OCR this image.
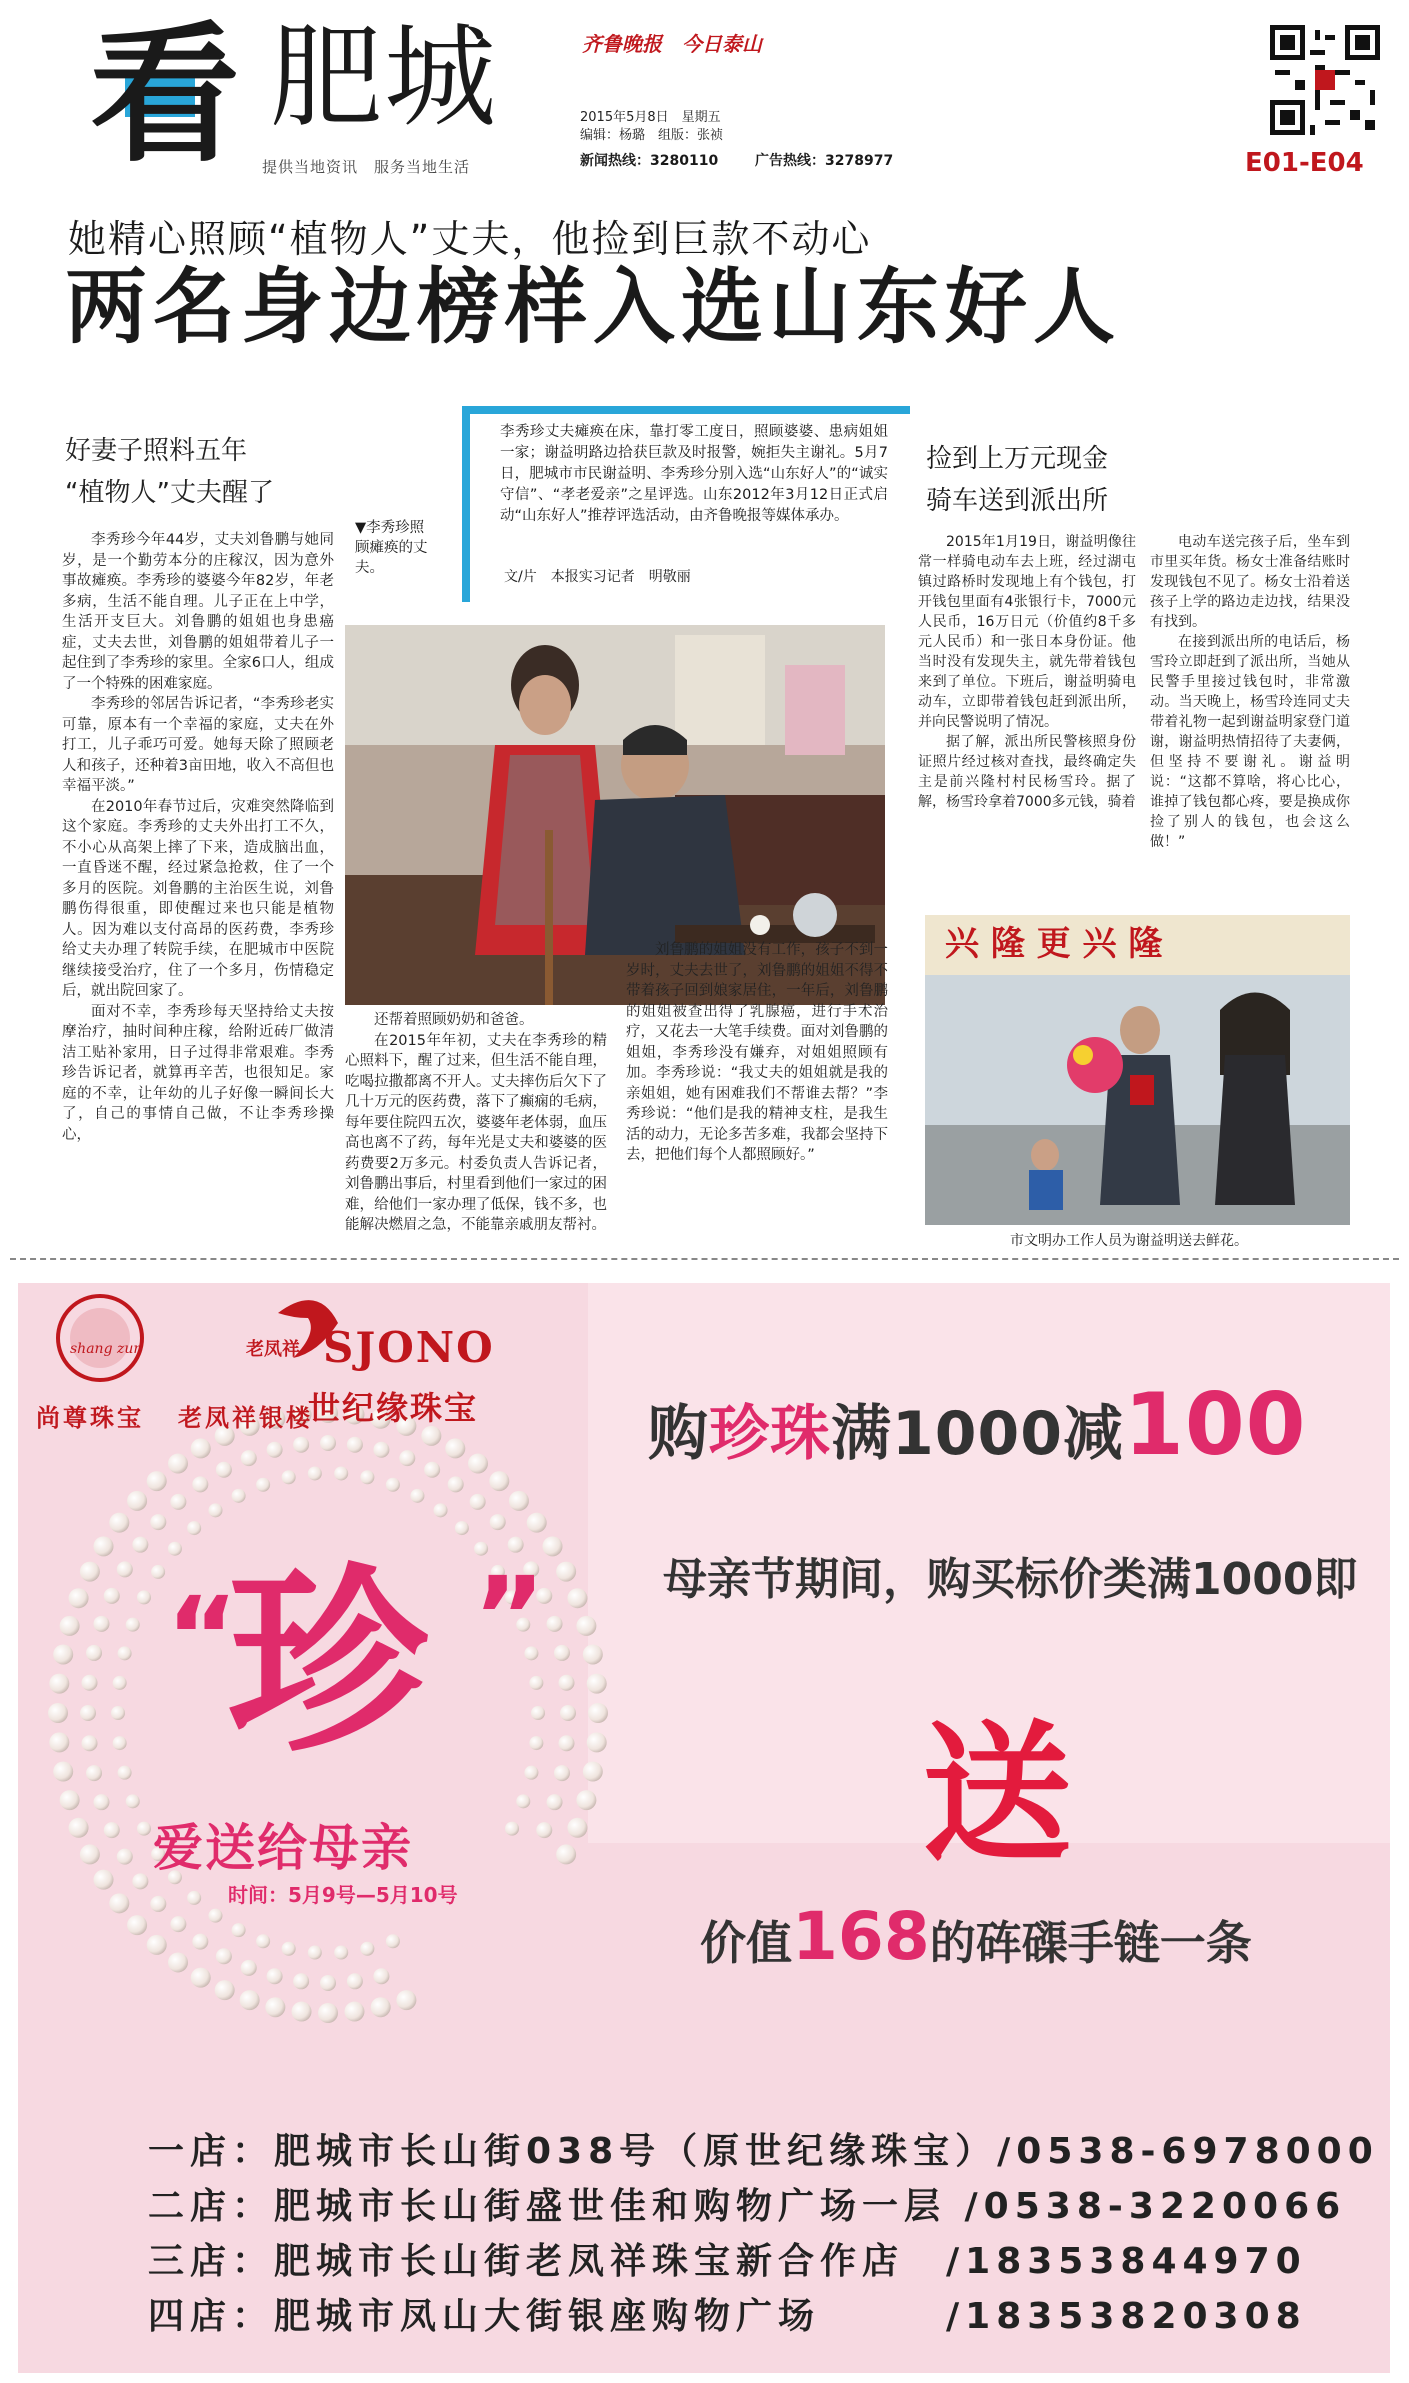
看 肥城
提供当地资讯　服务当地生活
齐鲁晚报　今日泰山
2015年5月8日　星期五
编辑：杨璐　组版：张祯
新闻热线：3280110	广告热线：3278977	E01-E04
她精心照顾“植物人”丈夫，他捡到巨款不动心
两名身边榜样入选山东好人
好妻子照料五年
“植物人”丈夫醒了

李秀珍今年44岁，丈夫刘鲁鹏与她同岁，是一个勤劳本分的庄稼汉，因为意外事故瘫痪。李秀珍的婆婆今年82岁，年老多病，生活不能自理。儿子正在上中学，生活开支巨大。刘鲁鹏的姐姐也身患癌症，丈夫去世，刘鲁鹏的姐姐带着儿子一起住到了李秀珍的家里。全家6口人，组成了一个特殊的困难家庭。

李秀珍的邻居告诉记者，“李秀珍老实可靠，原本有一个幸福的家庭，丈夫在外打工，儿子乖巧可爱。她每天除了照顾老人和孩子，还种着3亩田地，收入不高但也幸福平淡。”

在2010年春节过后，灾难突然降临到这个家庭。李秀珍的丈夫外出打工不久，不小心从高架上摔了下来，造成脑出血，一直昏迷不醒，经过紧急抢救，住了一个多月的医院。刘鲁鹏的主治医生说，刘鲁鹏伤得很重，即使醒过来也只能是植物人。因为难以支付高昂的医药费，李秀珍给丈夫办理了转院手续，在肥城市中医院继续接受治疗，住了一个多月，伤情稳定后，就出院回家了。

面对不幸，李秀珍每天坚持给丈夫按摩治疗，抽时间种庄稼，给附近砖厂做清洁工贴补家用，日子过得非常艰难。李秀珍告诉记者，就算再辛苦，也很知足。家庭的不幸，让年幼的儿子好像一瞬间长大了，自己的事情自己做，不让李秀珍操心，

▼李秀珍照顾瘫痪的丈夫。
李秀珍丈夫瘫痪在床，靠打零工度日，照顾婆婆、患病姐姐一家；谢益明路边拾获巨款及时报警，婉拒失主谢礼。5月7日，肥城市市民谢益明、李秀珍分别入选“山东好人”的“诚实守信”、“孝老爱亲”之星评选。山东2012年3月12日正式启动“山东好人”推荐评选活动，由齐鲁晚报等媒体承办。
文/片　本报实习记者　明敬丽

还帮着照顾奶奶和爸爸。

在2015年年初，丈夫在李秀珍的精心照料下，醒了过来，但生活不能自理，吃喝拉撒都离不开人。丈夫摔伤后欠下了几十万元的医药费，落下了癫痫的毛病，每年要住院四五次，婆婆年老体弱，血压高也离不了药，每年光是丈夫和婆婆的医药费要2万多元。村委负责人告诉记者，刘鲁鹏出事后，村里看到他们一家过的困难，给他们一家办理了低保，钱不多，也能解决燃眉之急，不能靠亲戚朋友帮衬。

刘鲁鹏的姐姐没有工作，孩子不到一岁时，丈夫去世了，刘鲁鹏的姐姐不得不带着孩子回到娘家居住，一年后，刘鲁鹏的姐姐被查出得了乳腺癌，进行手术治疗，又花去一大笔手续费。面对刘鲁鹏的姐姐，李秀珍没有嫌弃，对姐姐照顾有加。李秀珍说：“我丈夫的姐姐就是我的亲姐姐，她有困难我们不帮谁去帮？”李秀珍说：“他们是我的精神支柱，是我生活的动力，无论多苦多难，我都会坚持下去，把他们每个人都照顾好。”

捡到上万元现金
骑车送到派出所

2015年1月19日，谢益明像往常一样骑电动车去上班，经过湖屯镇过路桥时发现地上有个钱包，打开钱包里面有4张银行卡，7000元人民币，16万日元（价值约8千多元人民币）和一张日本身份证。他当时没有发现失主，就先带着钱包来到了单位。下班后，谢益明骑电动车，立即带着钱包赶到派出所，并向民警说明了情况。

据了解，派出所民警核照身份证照片经过核对查找，最终确定失主是前兴隆村村民杨雪玲。据了解，杨雪玲拿着7000多元钱，骑着

电动车送完孩子后，坐车到市里买年货。杨女士准备结账时发现钱包不见了。杨女士沿着送孩子上学的路边走边找，结果没有找到。

在接到派出所的电话后，杨雪玲立即赶到了派出所，当她从民警手里接过钱包时，非常激动。当天晚上，杨雪玲连同丈夫带着礼物一起到谢益明家登门道谢，谢益明热情招待了夫妻俩，但坚持不要谢礼。谢益明说：“这都不算啥，将心比心，谁掉了钱包都心疼，要是换成你捡了别人的钱包，也会这么做！”

兴 隆 更 兴 隆
市文明办工作人员为谢益明送去鲜花。
shang zun	老凤祥
尚尊珠宝 老凤祥银楼
SJONO
世纪缘珠宝	购珍珠满1000减100
母亲节期间，购买标价类满1000即
送
价值168的砗磲手链一条
“
珍 ”
爱送给母亲
时间：5月9号—5月10号
一店：肥城市长山街038号（原世纪缘珠宝）/0538-6978000
二店：肥城市长山街盛世佳和购物广场一层 /0538-3220066
三店：肥城市长山街老凤祥珠宝新合作店　/18353844970
四店：肥城市凤山大街银座购物广场　　　/18353820308
